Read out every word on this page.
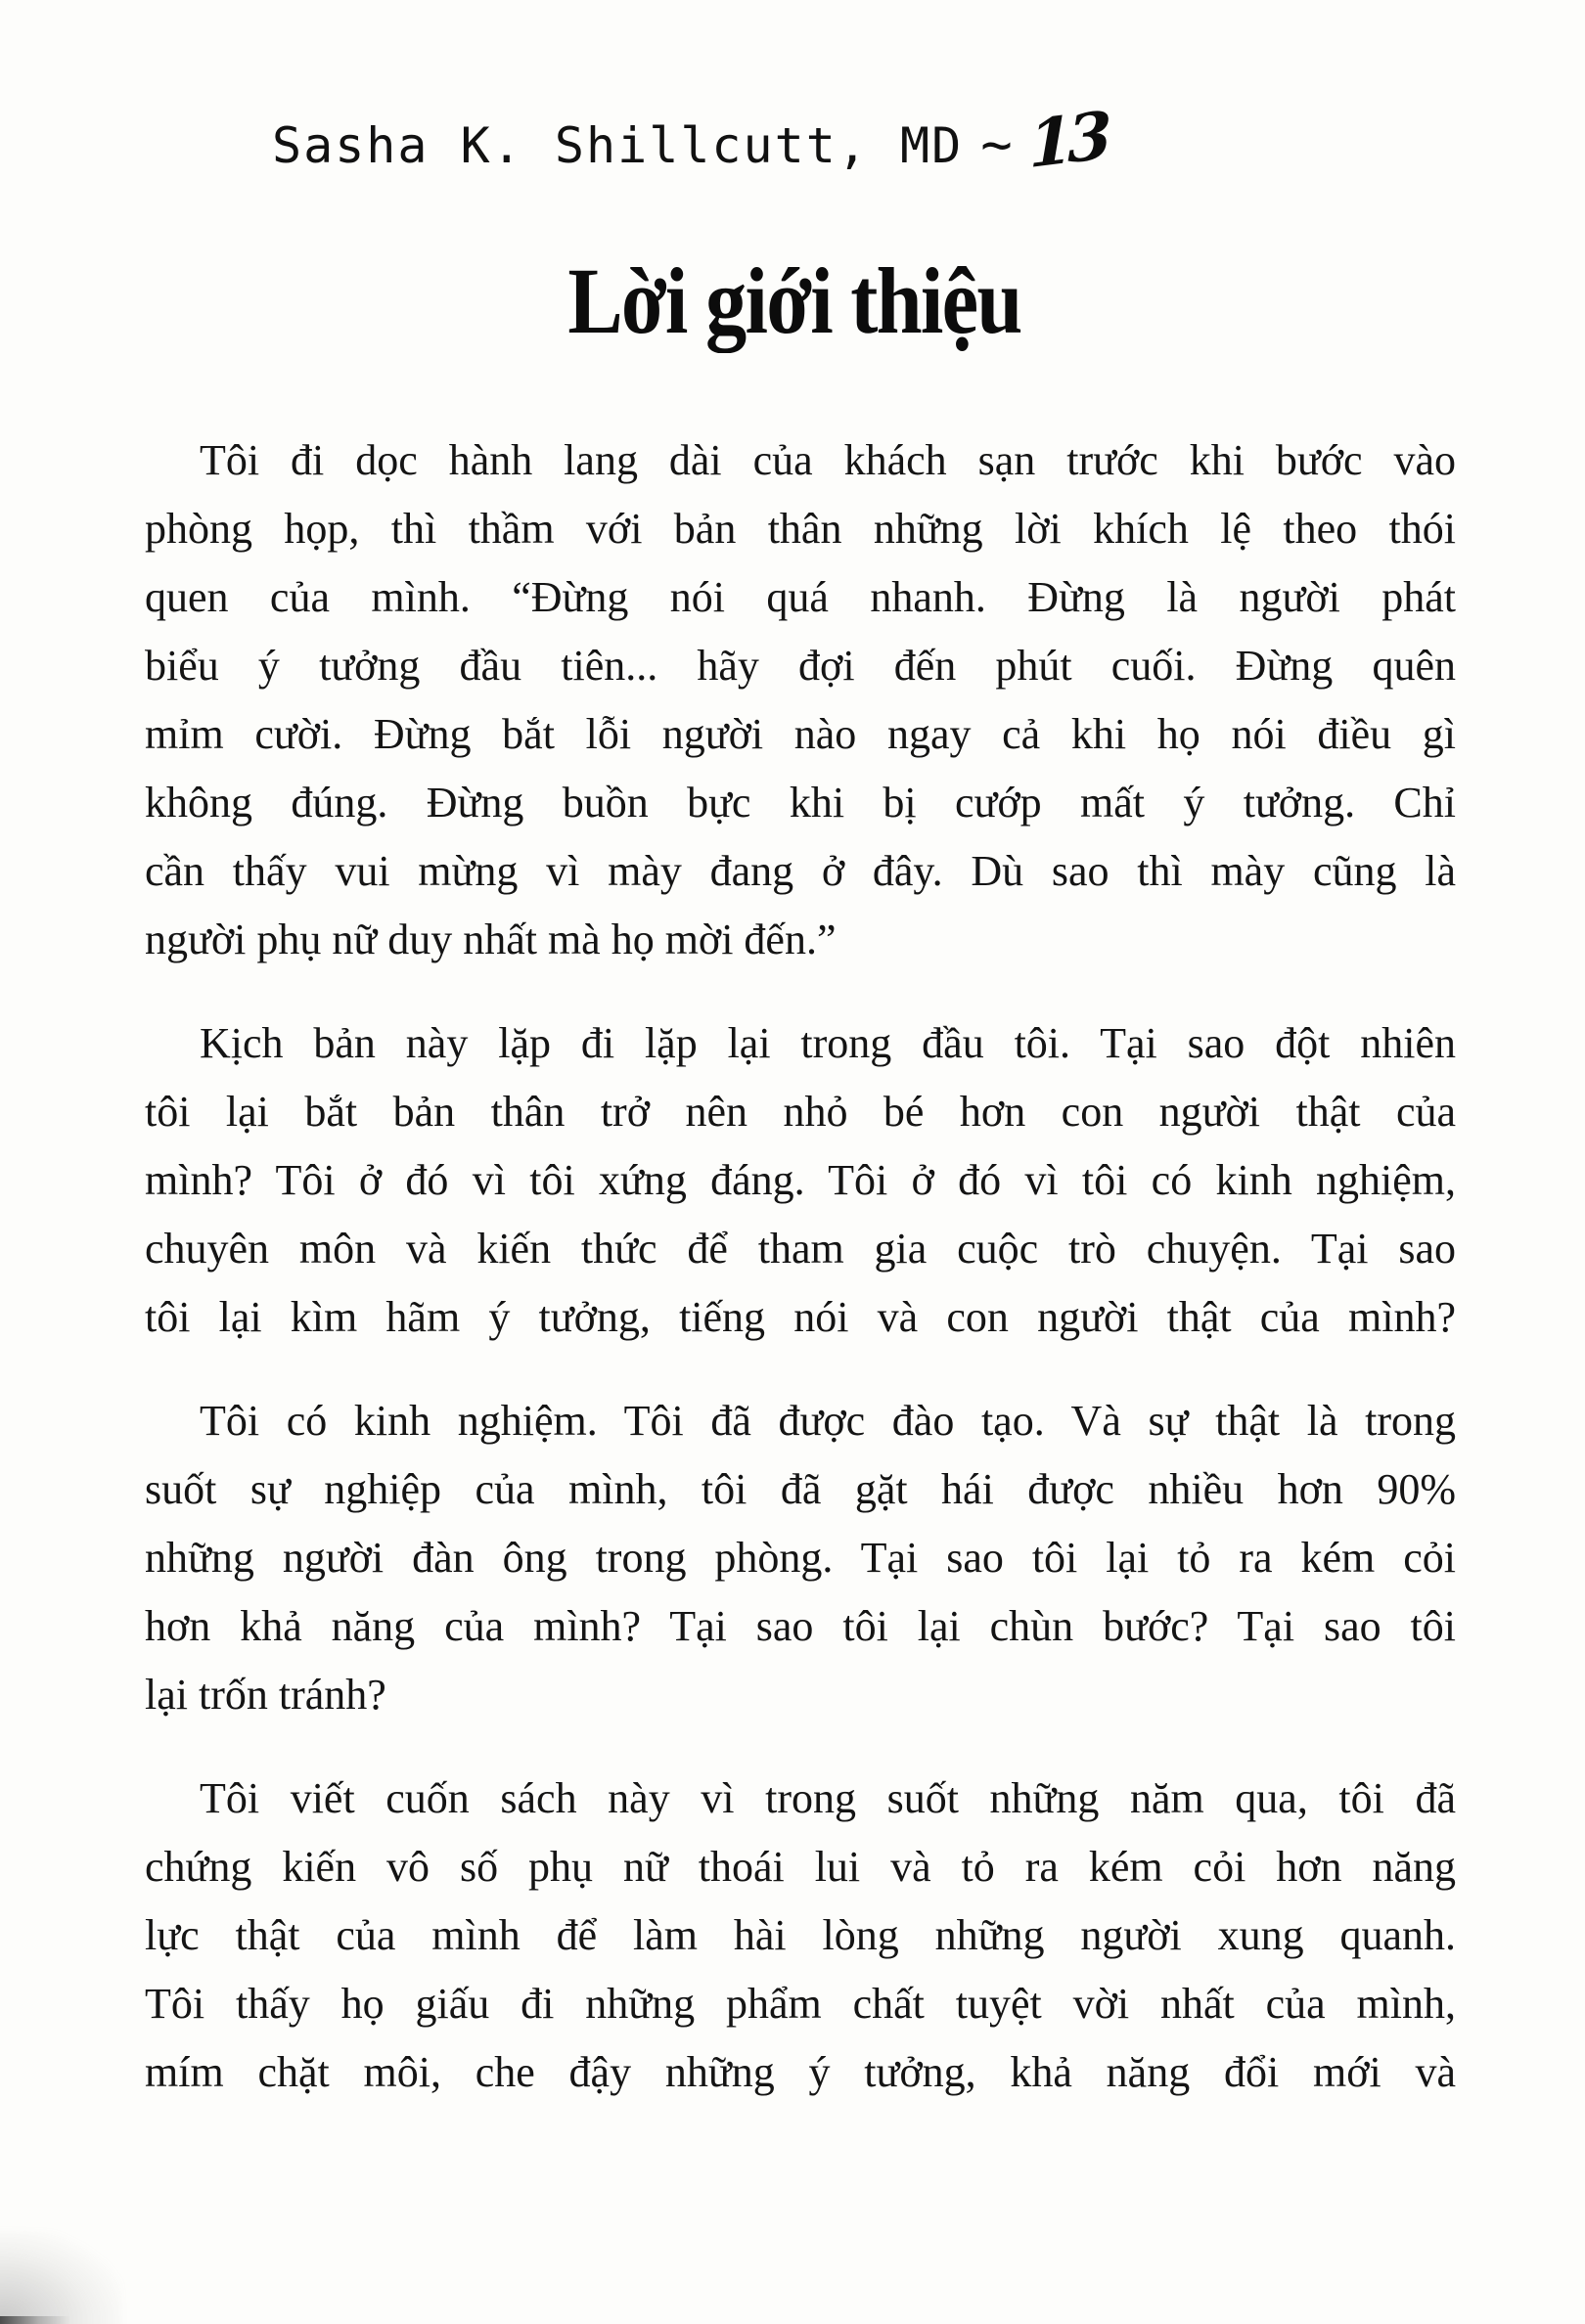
Sasha K. Shillcutt, MD ~ 13
Lời giới thiệu
Tôi đi dọc hành lang dài của khách sạn trước khi bước vào
phòng họp, thì thầm với bản thân những lời khích lệ theo thói
quen của mình. “Đừng nói quá nhanh. Đừng là người phát
biểu ý tưởng đầu tiên... hãy đợi đến phút cuối. Đừng quên
mỉm cười. Đừng bắt lỗi người nào ngay cả khi họ nói điều gì
không đúng. Đừng buồn bực khi bị cướp mất ý tưởng. Chỉ
cần thấy vui mừng vì mày đang ở đây. Dù sao thì mày cũng là
người phụ nữ duy nhất mà họ mời đến.”
Kịch bản này lặp đi lặp lại trong đầu tôi. Tại sao đột nhiên
tôi lại bắt bản thân trở nên nhỏ bé hơn con người thật của
mình? Tôi ở đó vì tôi xứng đáng. Tôi ở đó vì tôi có kinh nghiệm,
chuyên môn và kiến thức để tham gia cuộc trò chuyện. Tại sao
tôi lại kìm hãm ý tưởng, tiếng nói và con người thật của mình?
Tôi có kinh nghiệm. Tôi đã được đào tạo. Và sự thật là trong
suốt sự nghiệp của mình, tôi đã gặt hái được nhiều hơn 90%
những người đàn ông trong phòng. Tại sao tôi lại tỏ ra kém cỏi
hơn khả năng của mình? Tại sao tôi lại chùn bước? Tại sao tôi
lại trốn tránh?
Tôi viết cuốn sách này vì trong suốt những năm qua, tôi đã
chứng kiến vô số phụ nữ thoái lui và tỏ ra kém cỏi hơn năng
lực thật của mình để làm hài lòng những người xung quanh.
Tôi thấy họ giấu đi những phẩm chất tuyệt vời nhất của mình,
mím chặt môi, che đậy những ý tưởng, khả năng đổi mới và
